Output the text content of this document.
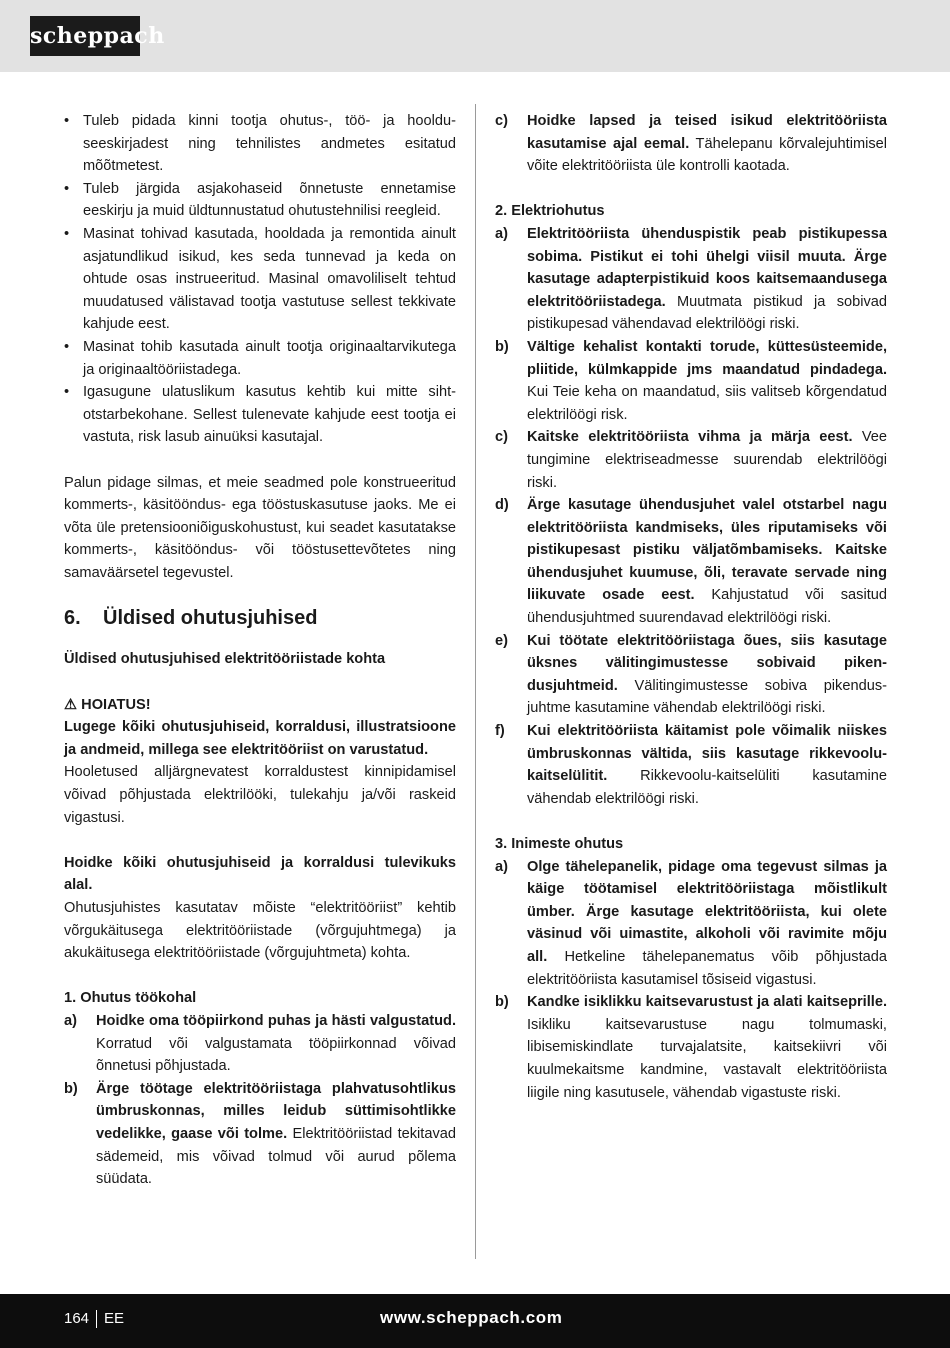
scheppach
• Tuleb pidada kinni tootja ohutus-, töö- ja hoolduseeskirjadest ning tehnilistes andmetes esitatud mõõtmetest.
• Tuleb järgida asjakohaseid õnnetuste ennetamise eeskirju ja muid üldtunnustatud ohutustehnilisi reegleid.
• Masinat tohivad kasutada, hooldada ja remontida ainult asjatundlikud isikud, kes seda tunnevad ja keda on ohtude osas instrueeritud. Masinal omavoliliselt tehtud muudatused välistavad tootja vastutuse sellest tekkivate kahjude eest.
• Masinat tohib kasutada ainult tootja originaaltarvikutega ja originaaltööriistadega.
• Igasugune ulatuslikum kasutus kehtib kui mitte sihtotstarbekohane. Sellest tulenevate kahjude eest tootja ei vastuta, risk lasub ainuüksi kasutajal.

Palun pidage silmas, et meie seadmed pole konstrueeritud kommerts-, käsitööndus- ega tööstuskasutuse jaoks. Me ei võta üle pretensiooniõiguskohustust, kui seadet kasutatakse kommerts-, käsitööndus- või tööstusettevõtetes ning samaväärsetel tegevustel.

6. Üldised ohutusjuhised

Üldised ohutusjuhised elektritööriistade kohta

⚠ HOIATUS!

Lugege kõiki ohutusjuhiseid, korraldusi, illustratsioone ja andmeid, millega see elektritööriist on varustatud.

Hooletused alljärgnevatest korraldustest kinnipidamisel võivad põhjustada elektrilööki, tulekahju ja/või raskeid vigastusi.

Hoidke kõiki ohutusjuhiseid ja korraldusi tulevikuks alal.

Ohutusjuhistes kasutatav mõiste “elektritööriist” kehtib võrgukäitusega elektritööriistade (võrgujuhtmega) ja akukäitusega elektritööriistade (võrgujuhtmeta) kohta.

1. Ohutus töökohal

a)	Hoidke oma tööpiirkond puhas ja hästi valgustatud. Korratud või valgustamata tööpiirkonnad võivad õnnetusi põhjustada.
b)	Ärge töötage elektritööriistaga plahvatusohtlikus ümbruskonnas, milles leidub süttimisohtlikke vedelikke, gaase või tolme. Elektritööriistad tekitavad sädemeid, mis võivad tolmud või aurud põlema süüdata.
c)	Hoidke lapsed ja teised isikud elektritööriista kasutamise ajal eemal. Tähelepanu kõrvalejuhtimisel võite elektritööriista üle kontrolli kaotada.

2. Elektriohutus

a)	Elektritööriista ühenduspistik peab pistikupessa sobima. Pistikut ei tohi ühelgi viisil muuta. Ärge kasutage adapterpistikuid koos kaitsemaandusega elektritööriistadega. Muutmata pistikud ja sobivad pistikupesad vähendavad elektrilöögi riski.
b)	Vältige kehalist kontakti torude, küttesüsteemide, pliitide, külmkappide jms maandatud pindadega. Kui Teie keha on maandatud, siis valitseb kõrgendatud elektrilöögi risk.
c)	Kaitske elektritööriista vihma ja märja eest. Vee tungimine elektriseadmesse suurendab elektrilöögi riski.
d)	Ärge kasutage ühendusjuhet valel otstarbel nagu elektritööriista kandmiseks, üles riputamiseks või pistikupesast pistiku väljatõmbamiseks. Kaitske ühendusjuhet kuumuse, õli, teravate servade ning liikuvate osade eest. Kahjustatud või sasitud ühendusjuhtmed suurendavad elektrilöögi riski.
e)	Kui töötate elektritööriistaga õues, siis kasutage üksnes välitingimustesse sobivaid pikendusjuhtmeid. Välitingimustesse sobiva pikendusjuhtme kasutamine vähendab elektrilöögi riski.
f)	Kui elektritööriista käitamist pole võimalik niiskes ümbruskonnas vältida, siis kasutage rikkevoolu-kaitselülitit. Rikkevoolu-kaitselüliti kasutamine vähendab elektrilöögi riski.

3. Inimeste ohutus

a)	Olge tähelepanelik, pidage oma tegevust silmas ja käige töötamisel elektritööriistaga mõistlikult ümber. Ärge kasutage elektritööriista, kui olete väsinud või uimastite, alkoholi või ravimite mõju all. Hetkeline tähelepanematus võib põhjustada elektritööriista kasutamisel tõsiseid vigastusi.
b)	Kandke isiklikku kaitsevarustust ja alati kaitseprille. Isikliku kaitsevarustuse nagu tolmumaski, libisemiskindlate turvajalatsite, kaitsekiivri või kuulmekaitsme kandmine, vastavalt elektritööriista liigile ning kasutusele, vähendab vigastuste riski.
164 EE	www.scheppach.com
